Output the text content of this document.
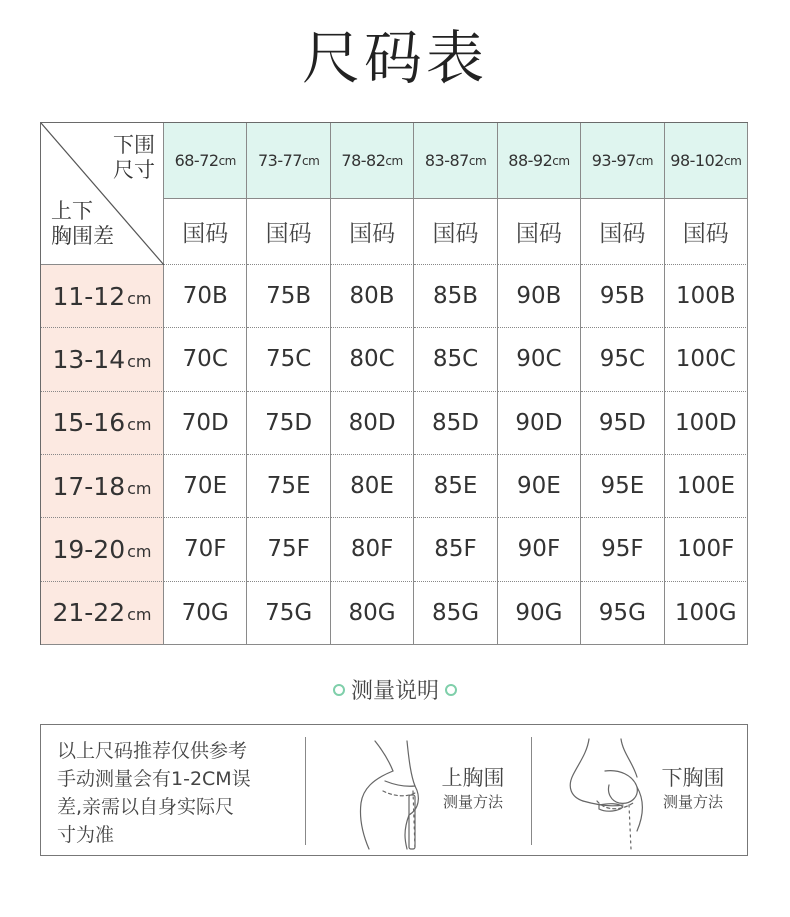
尺码表
下围
尺寸
上下
胸围差
68-72 cm 73-77 cm 78-82 cm 83-87 cm 88-92 cm 93-97 cm 98-102 cm
国码	国码	国码	国码	国码	国码	国码
11-12 cm	70B	75B	80B	85B	90B	95B	100B
13-14 cm	70C	75C	80C	85C	90C	95C	100C
15-16 cm	70D	75D	80D	85D	90D	95D	100D
17-18 cm	70E	75E	80E	85E	90E	95E	100E
19-20 cm	70F	75F	80F	85F	90F	95F	100F
21-22 cm	70G	75G	80G	85G	90G	95G	100G
测量说明
以上尺码推荐仅供参考
手动测量会有1-2CM误
差,亲需以自身实际尺
寸为准
上胸围
测量方法
下胸围
测量方法
